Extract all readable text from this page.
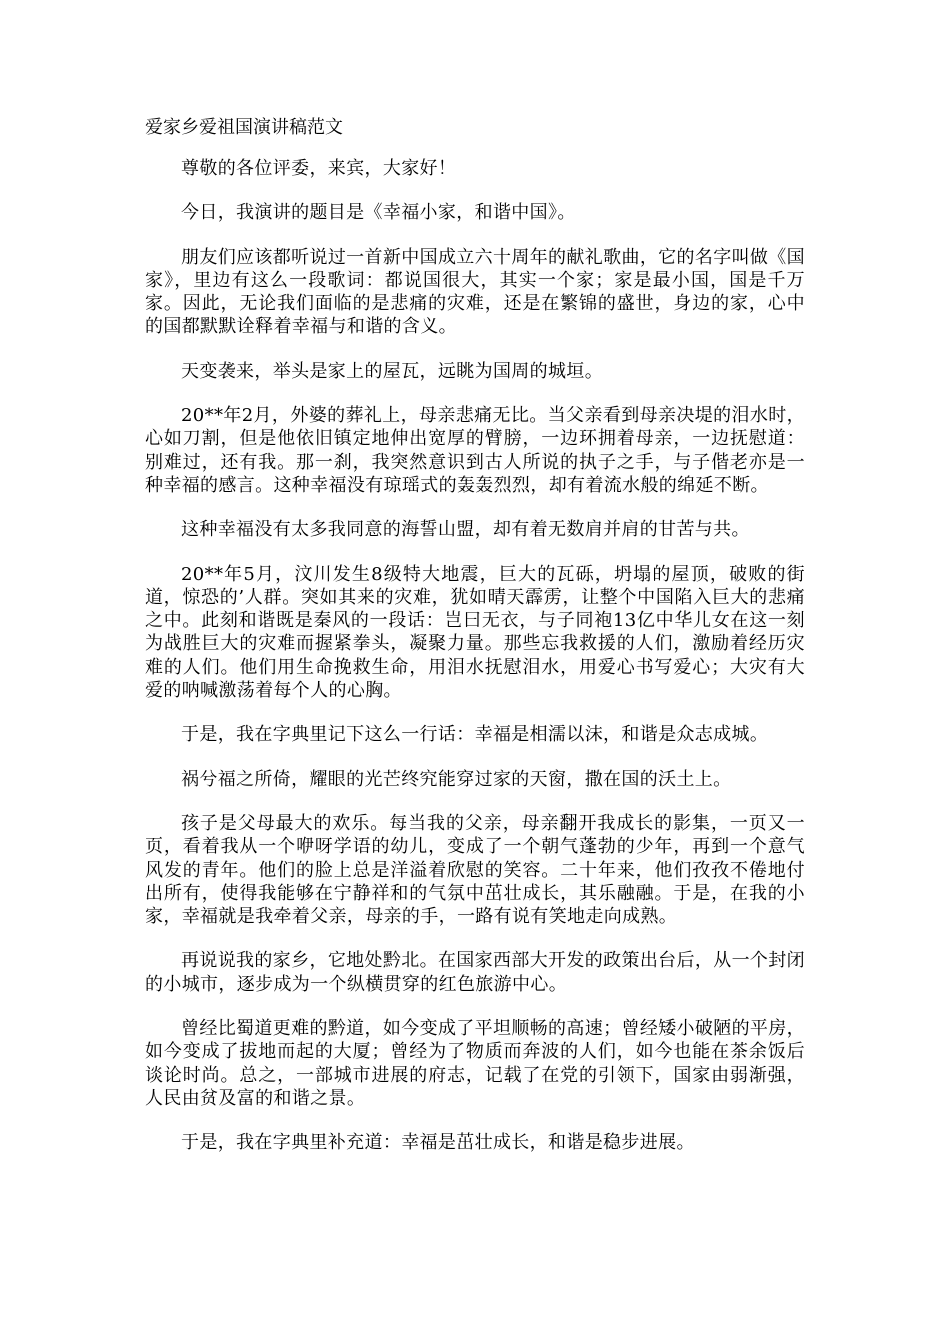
爱家乡爱祖国演讲稿范文

尊敬的各位评委，来宾，大家好！

今日，我演讲的题目是《幸福小家，和谐中国》。

朋友们应该都听说过一首新中国成立六十周年的献礼歌曲，它的名字叫做《国家》，里边有这么一段歌词：都说国很大，其实一个家；家是最小国，国是千万家。因此，无论我们面临的是悲痛的灾难，还是在繁锦的盛世，身边的家，心中的国都默默诠释着幸福与和谐的含义。

天变袭来，举头是家上的屋瓦，远眺为国周的城垣。

20**年2月，外婆的葬礼上，母亲悲痛无比。当父亲看到母亲决堤的泪水时，心如刀割，但是他依旧镇定地伸出宽厚的臂膀，一边环拥着母亲，一边抚慰道：别难过，还有我。那一刹，我突然意识到古人所说的执子之手，与子偕老亦是一种幸福的感言。这种幸福没有琼瑶式的轰轰烈烈，却有着流水般的绵延不断。

这种幸福没有太多我同意的海誓山盟，却有着无数肩并肩的甘苦与共。

20**年5月，汶川发生8级特大地震，巨大的瓦砾，坍塌的屋顶，破败的街道，惊恐的’人群。突如其来的灾难，犹如晴天霹雳，让整个中国陷入巨大的悲痛之中。此刻和谐既是秦风的一段话：岂曰无衣，与子同袍13亿中华儿女在这一刻为战胜巨大的灾难而握紧拳头，凝聚力量。那些忘我救援的人们，激励着经历灾难的人们。他们用生命挽救生命，用泪水抚慰泪水，用爱心书写爱心；大灾有大爱的呐喊激荡着每个人的心胸。

于是，我在字典里记下这么一行话：幸福是相濡以沫，和谐是众志成城。

祸兮福之所倚，耀眼的光芒终究能穿过家的天窗，撒在国的沃土上。

孩子是父母最大的欢乐。每当我的父亲，母亲翻开我成长的影集，一页又一页，看着我从一个咿呀学语的幼儿，变成了一个朝气蓬勃的少年，再到一个意气风发的青年。他们的脸上总是洋溢着欣慰的笑容。二十年来，他们孜孜不倦地付出所有，使得我能够在宁静祥和的气氛中茁壮成长，其乐融融。于是，在我的小家，幸福就是我牵着父亲，母亲的手，一路有说有笑地走向成熟。

再说说我的家乡，它地处黔北。在国家西部大开发的政策出台后，从一个封闭的小城市，逐步成为一个纵横贯穿的红色旅游中心。

曾经比蜀道更难的黔道，如今变成了平坦顺畅的高速；曾经矮小破陋的平房，如今变成了拔地而起的大厦；曾经为了物质而奔波的人们，如今也能在茶余饭后谈论时尚。总之，一部城市进展的府志，记载了在党的引领下，国家由弱渐强，人民由贫及富的和谐之景。

于是，我在字典里补充道：幸福是茁壮成长，和谐是稳步进展。
